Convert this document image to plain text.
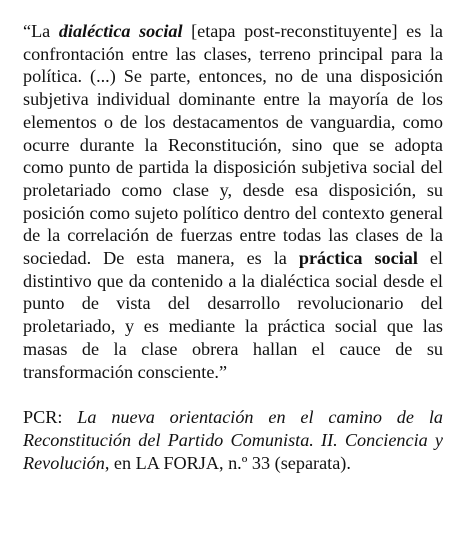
“La dialéctica social [etapa post-reconstituyente] es la confrontación entre las clases, terreno principal para la política. (...) Se parte, entonces, no de una disposición subjetiva individual dominante entre la mayoría de los elementos o de los destacamentos de vanguardia, como ocurre durante la Reconstitución, sino que se adopta como punto de partida la disposición subjetiva social del proletariado como clase y, desde esa disposición, su posición como sujeto político dentro del contexto general de la correlación de fuerzas entre todas las clases de la sociedad. De esta manera, es la práctica social el distintivo que da contenido a la dialéctica social desde el punto de vista del desarrollo revolucionario del proletariado, y es mediante la práctica social que las masas de la clase obrera hallan el cauce de su transformación consciente.”

PCR: La nueva orientación en el camino de la Reconstitución del Partido Comunista. II. Conciencia y Revolución, en LA FORJA, n.º 33 (separata).
